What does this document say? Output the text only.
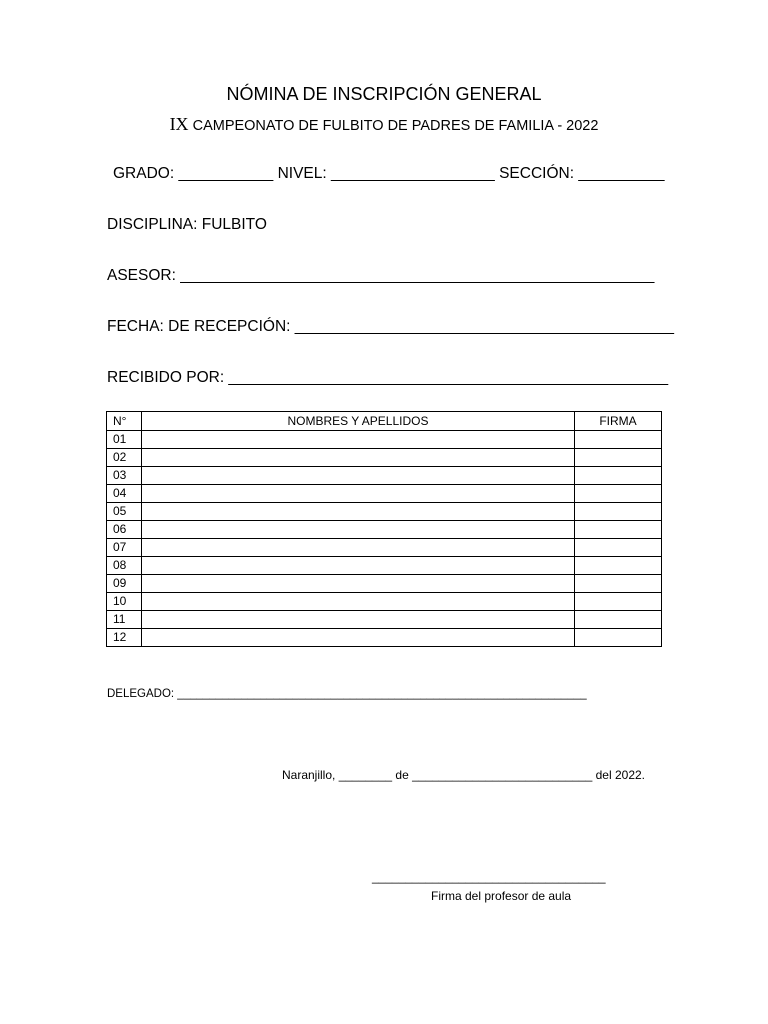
NÓMINA DE INSCRIPCIÓN GENERAL
IX CAMPEONATO DE FULBITO DE PADRES DE FAMILIA - 2022
GRADO: ___________ NIVEL: ___________________ SECCIÓN: __________
DISCIPLINA: FULBITO
ASESOR: _______________________________________________________
FECHA: DE RECEPCIÓN: ____________________________________________
RECIBIDO POR: ___________________________________________________
N°	NOMBRES Y APELLIDOS	FIRMA
01		
02		
03		
04		
05		
06		
07		
08		
09		
10		
11		
12		
DELEGADO: ________________________________________________________________
Naranjillo, ________ de ___________________________ del 2022.
___________________________________
Firma del profesor de aula
